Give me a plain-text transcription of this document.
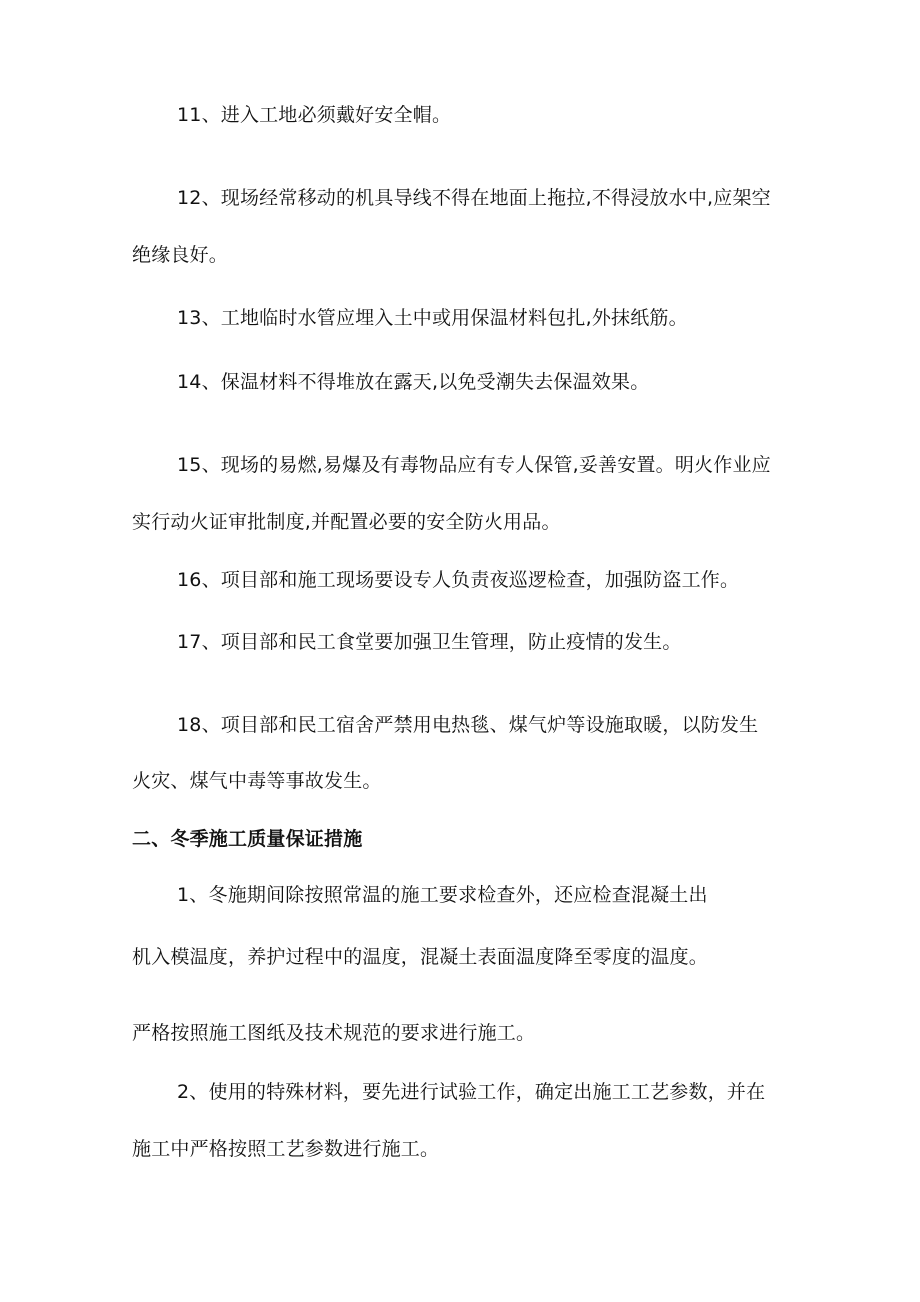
11、进入工地必须戴好安全帽。
12、现场经常移动的机具导线不得在地面上拖拉,不得浸放水中,应架空
绝缘良好。
13、工地临时水管应埋入土中或用保温材料包扎,外抹纸筋。
14、保温材料不得堆放在露天,以免受潮失去保温效果。
15、现场的易燃,易爆及有毒物品应有专人保管,妥善安置。明火作业应
实行动火证审批制度,并配置必要的安全防火用品。
16、项目部和施工现场要设专人负责夜巡逻检查，加强防盗工作。
17、项目部和民工食堂要加强卫生管理，防止疫情的发生。
18、项目部和民工宿舍严禁用电热毯、煤气炉等设施取暖，以防发生
火灾、煤气中毒等事故发生。
二、冬季施工质量保证措施
1、冬施期间除按照常温的施工要求检查外，还应检查混凝土出
机入模温度，养护过程中的温度，混凝土表面温度降至零度的温度。
严格按照施工图纸及技术规范的要求进行施工。
2、使用的特殊材料，要先进行试验工作，确定出施工工艺参数，并在
施工中严格按照工艺参数进行施工。
